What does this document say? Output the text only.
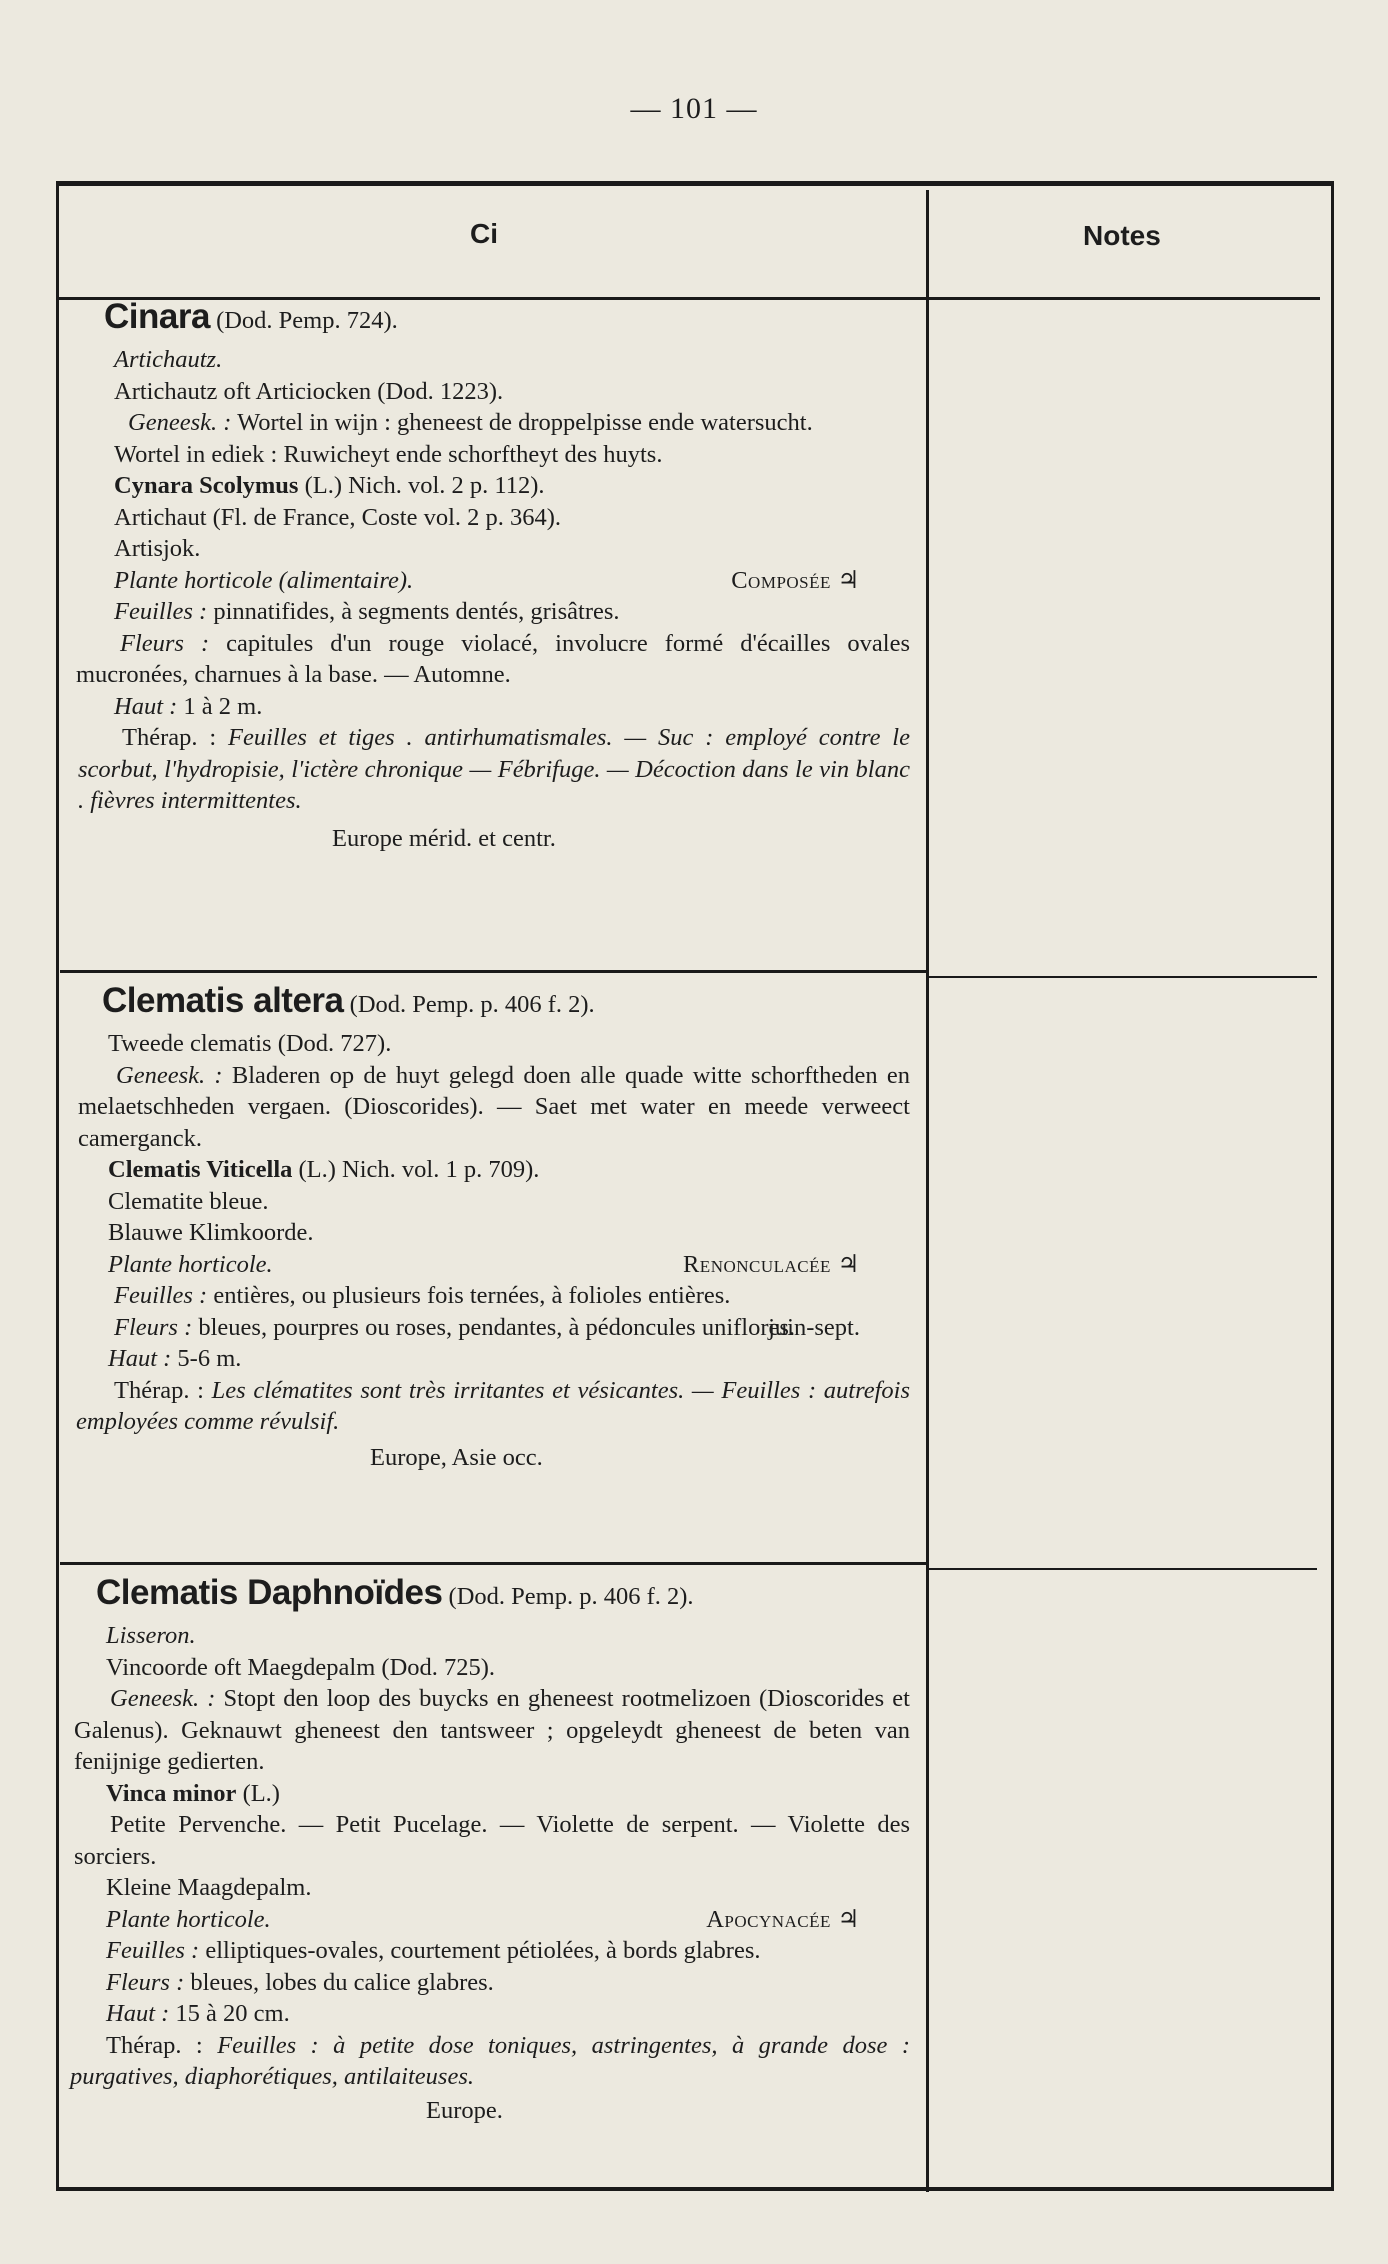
— 101 —
Ci	Notes

Cinara (Dod. Pemp. 724).

Artichautz.

Artichautz oft Articiocken (Dod. 1223).

Geneesk. : Wortel in wijn : gheneest de droppelpisse ende watersucht.

Wortel in ediek : Ruwicheyt ende schorftheyt des huyts.

Cynara Scolymus (L.) Nich. vol. 2 p. 112).

Artichaut (Fl. de France, Coste vol. 2 p. 364).

Artisjok.

Plante horticole (alimentaire).	Composée ♃

Feuilles : pinnatifides, à segments dentés, grisâtres.

Fleurs : capitules d'un rouge violacé, involucre formé d'écailles ovales mucronées, charnues à la base. — Automne.

Haut : 1 à 2 m.

Thérap. : Feuilles et tiges . antirhumatismales. — Suc : employé contre le scorbut, l'hydropisie, l'ictère chronique — Fébrifuge. — Décoction dans le vin blanc . fièvres intermittentes.

Europe mérid. et centr.

Clematis altera (Dod. Pemp. p. 406 f. 2).

Tweede clematis (Dod. 727).

Geneesk. : Bladeren op de huyt gelegd doen alle quade witte schorftheden en melaetschheden vergaen. (Dioscorides). — Saet met water en meede verweect camerganck.

Clematis Viticella (L.) Nich. vol. 1 p. 709).

Clematite bleue.

Blauwe Klimkoorde.

Plante horticole.	Renonculacée ♃

Feuilles : entières, ou plusieurs fois ternées, à folioles entières.

Fleurs : bleues, pourpres ou roses, pendantes, à pédoncules uniflores.

juin-sept.

Haut : 5-6 m.

Thérap. : Les clématites sont très irritantes et vésicantes. — Feuilles : autrefois employées comme révulsif.

Europe, Asie occ.

Clematis Daphnoïdes (Dod. Pemp. p. 406 f. 2).

Lisseron.

Vincoorde oft Maegdepalm (Dod. 725).

Geneesk. : Stopt den loop des buycks en gheneest rootmelizoen (Dioscorides et Galenus). Geknauwt gheneest den tantsweer ; opgeleydt gheneest de beten van fenijnige gedierten.

Vinca minor (L.)

Petite Pervenche. — Petit Pucelage. — Violette de serpent. — Violette des sorciers.

Kleine Maagdepalm.

Plante horticole.	Apocynacée ♃

Feuilles : elliptiques-ovales, courtement pétiolées, à bords glabres.

Fleurs : bleues, lobes du calice glabres.

Haut : 15 à 20 cm.

Thérap. : Feuilles : à petite dose toniques, astringentes, à grande dose : purgatives, diaphorétiques, antilaiteuses.

Europe.
